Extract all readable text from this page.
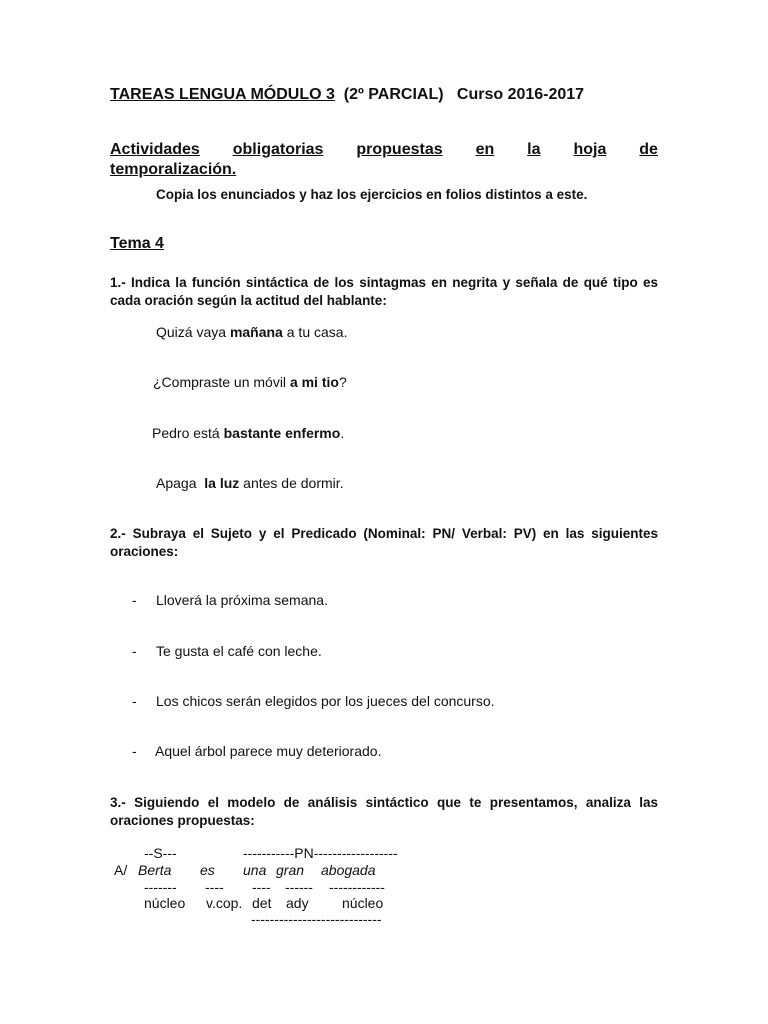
TAREAS LENGUA MÓDULO 3 (2º PARCIAL) Curso 2016-2017
Actividades obligatorias propuestas en la hoja de
temporalización.
Copia los enunciados y haz los ejercicios en folios distintos a este.
Tema 4
1.- Indica la función sintáctica de los sintagmas en negrita y señala de qué tipo es cada oración según la actitud del hablante:
Quizá vaya mañana a tu casa.
¿Compraste un móvil a mi tio?
Pedro está bastante enfermo.
Apaga  la luz antes de dormir.
2.- Subraya el Sujeto y el Predicado (Nominal: PN/ Verbal: PV) en las siguientes oraciones:
- Lloverá la próxima semana.
- Te gusta el café con leche.
- Los chicos serán elegidos por los jueces del concurso.
- Aquel árbol parece muy deteriorado.
3.- Siguiendo el modelo de análisis sintáctico que te presentamos, analiza las oraciones propuestas:
--S---	-----------PN------------------
A/ Berta es una gran abogada
------- ---- ---- ------ ------------
núcleo v.cop. det ady núcleo
----------------------------
